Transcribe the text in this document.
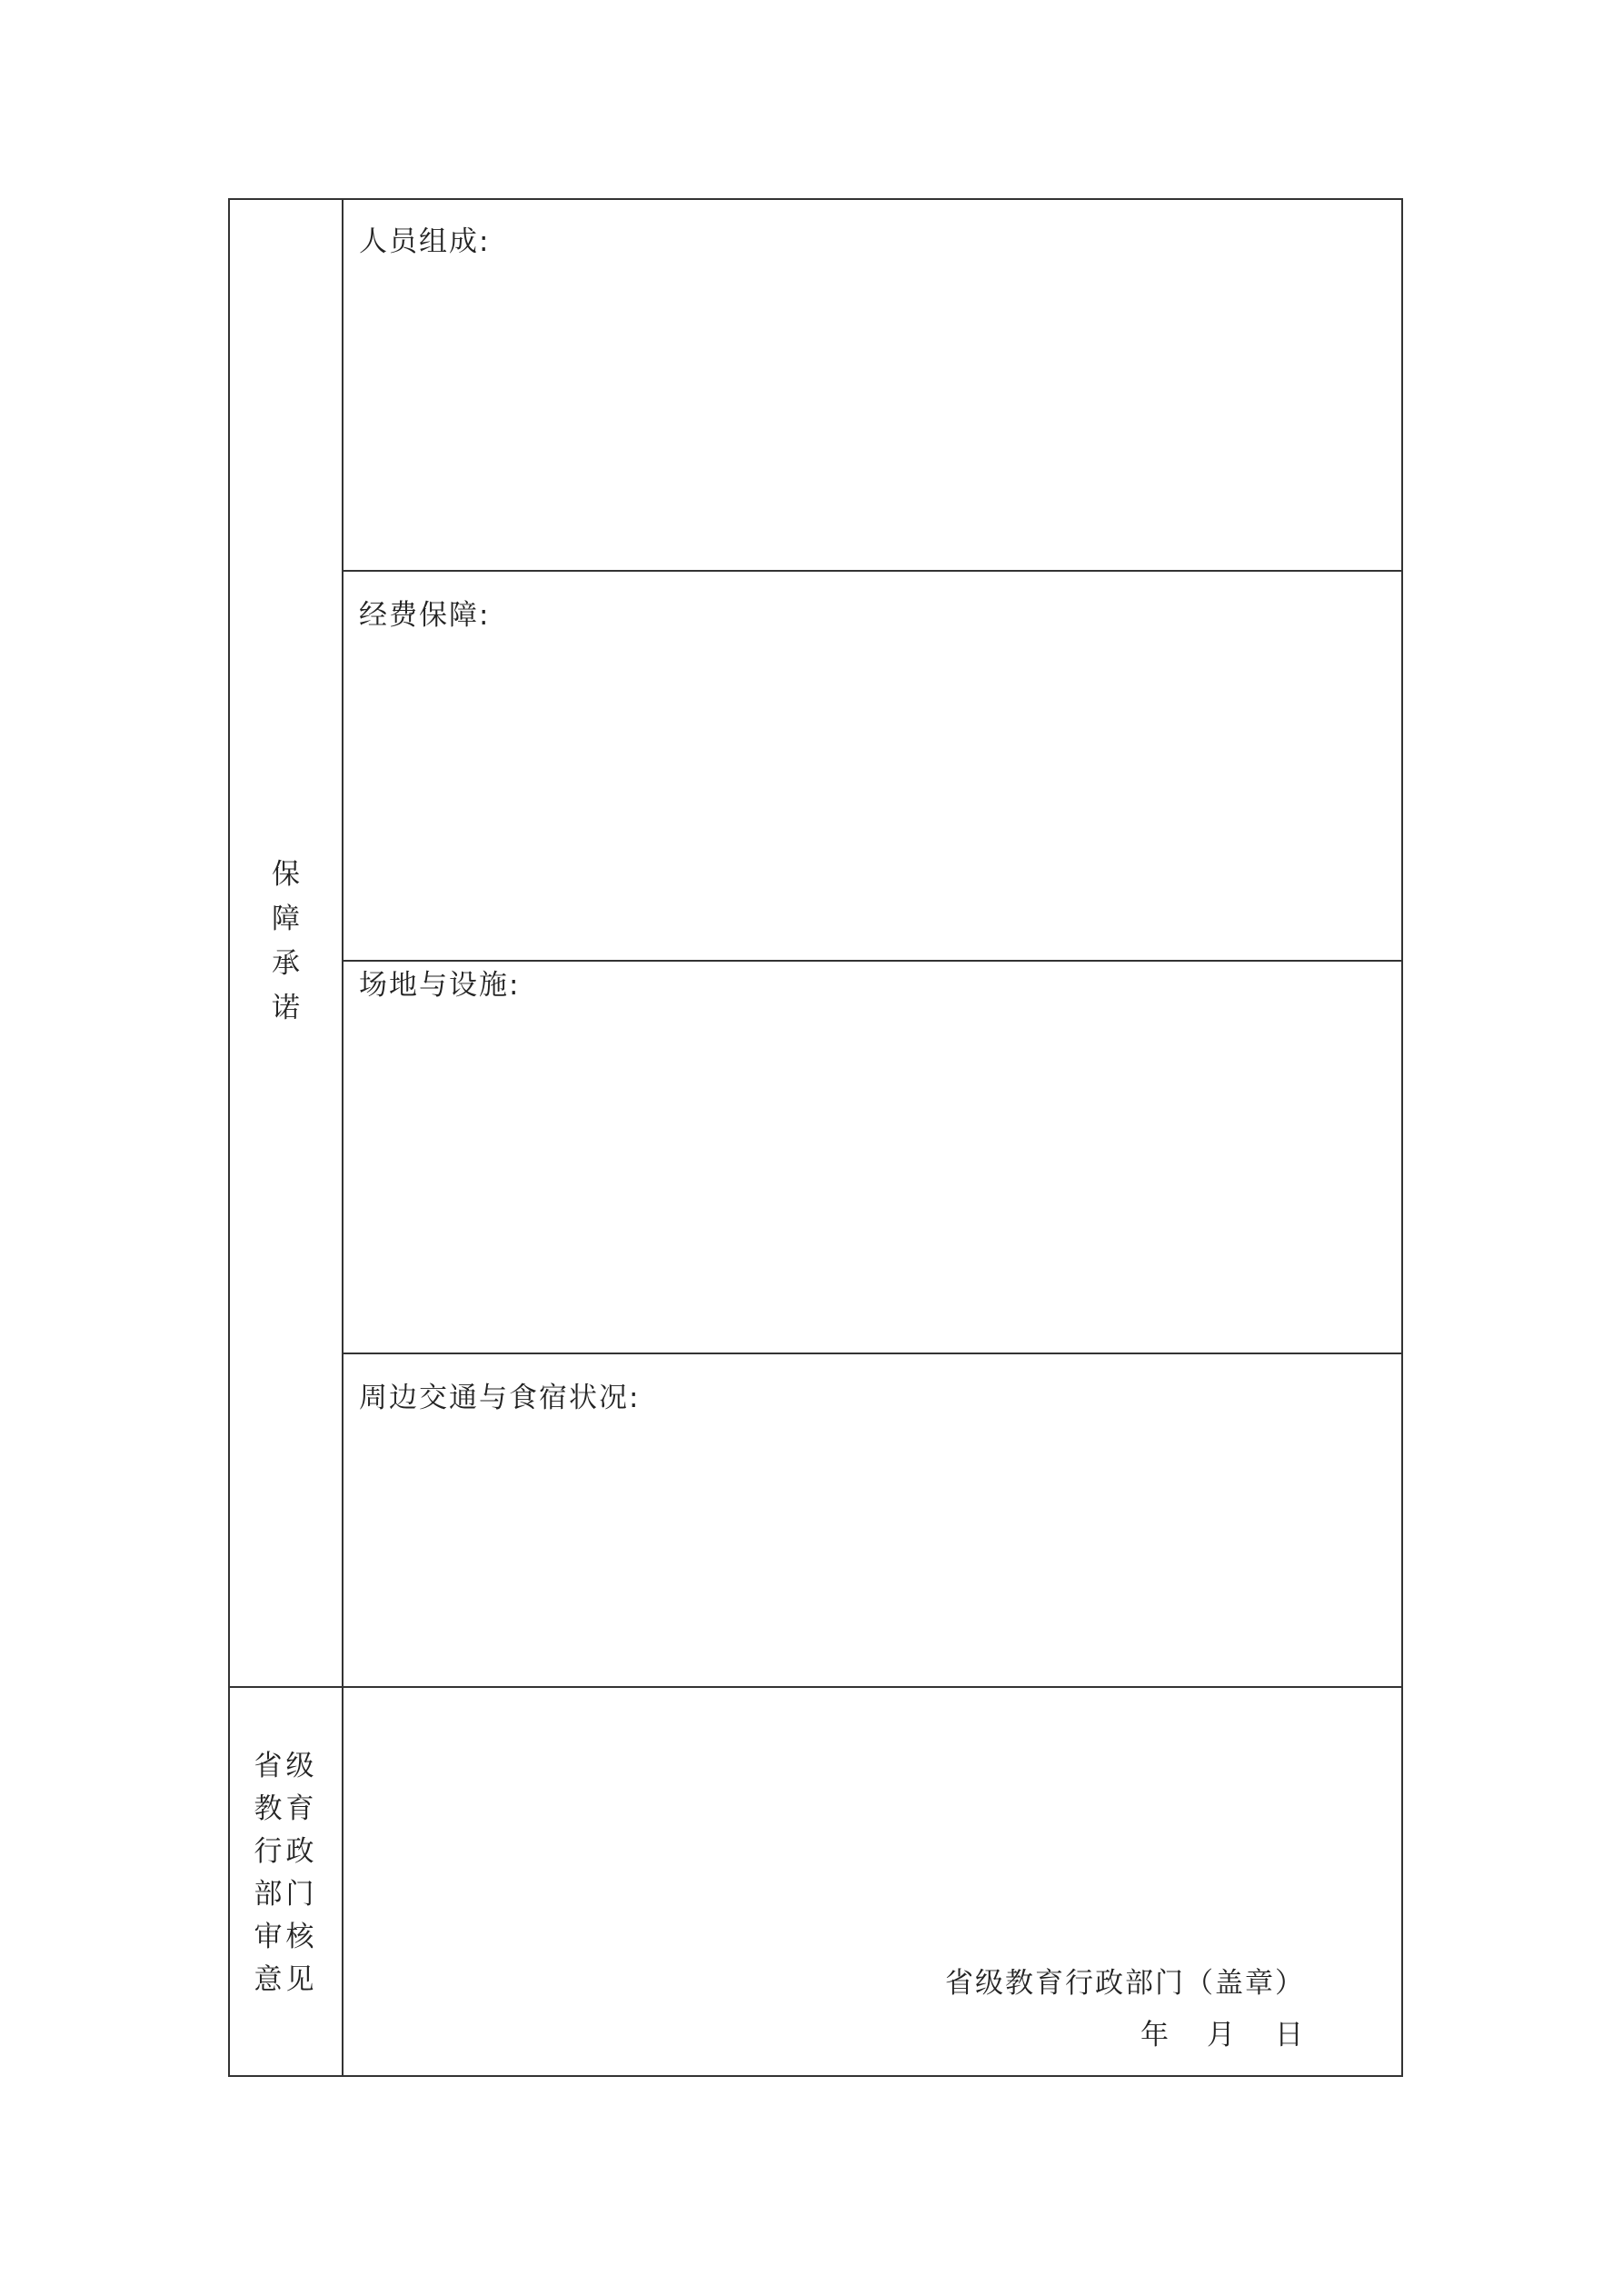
保
障
承
诺
人员组成:
经费保障:
场地与设施:
周边交通与食宿状况:
省级
教育
行政
部门
审核
意见	省级教育行政部门（盖章）
年 月 日
